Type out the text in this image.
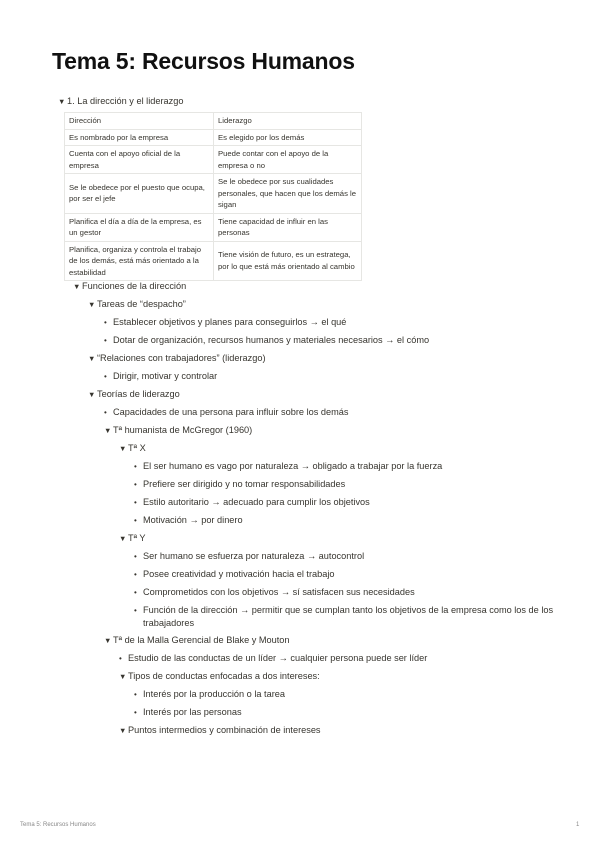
Tema 5: Recursos Humanos
▼ 1. La dirección y el liderazgo
Dirección	Liderazgo
Es nombrado por la empresa	Es elegido por los demás
Cuenta con el apoyo oficial de la empresa	Puede contar con el apoyo de la empresa o no
Se le obedece por el puesto que ocupa, por ser el jefe	Se le obedece por sus cualidades personales, que hacen que los demás le sigan
Planifica el día a día de la empresa, es un gestor	Tiene capacidad de influir en las personas
Planifica, organiza y controla el trabajo de los demás, está más orientado a la estabilidad	Tiene visión de futuro, es un estratega, por lo que está más orientado al cambio
▼ Funciones de la dirección
▼ Tareas de “despacho”
• Establecer objetivos y planes para conseguirlos → el qué
• Dotar de organización, recursos humanos y materiales necesarios → el cómo
▼ “Relaciones con trabajadores” (liderazgo)
• Dirigir, motivar y controlar
▼ Teorías de liderazgo
• Capacidades de una persona para influir sobre los demás
▼ Tª humanista de McGregor (1960)
▼ Tª X
• El ser humano es vago por naturaleza → obligado a trabajar por la fuerza
• Prefiere ser dirigido y no tomar responsabilidades
• Estilo autoritario → adecuado para cumplir los objetivos
• Motivación → por dinero
▼ Tª Y
• Ser humano se esfuerza por naturaleza → autocontrol
• Posee creatividad y motivación hacia el trabajo
• Comprometidos con los objetivos → sí satisfacen sus necesidades
• Función de la dirección → permitir que se cumplan tanto los objetivos de la empresa como los de los
trabajadores
▼ Tª de la Malla Gerencial de Blake y Mouton
• Estudio de las conductas de un líder → cualquier persona puede ser líder
▼ Tipos de conductas enfocadas a dos intereses:
• Interés por la producción o la tarea
• Interés por las personas
▼ Puntos intermedios y combinación de intereses
Tema 5: Recursos Humanos	1
